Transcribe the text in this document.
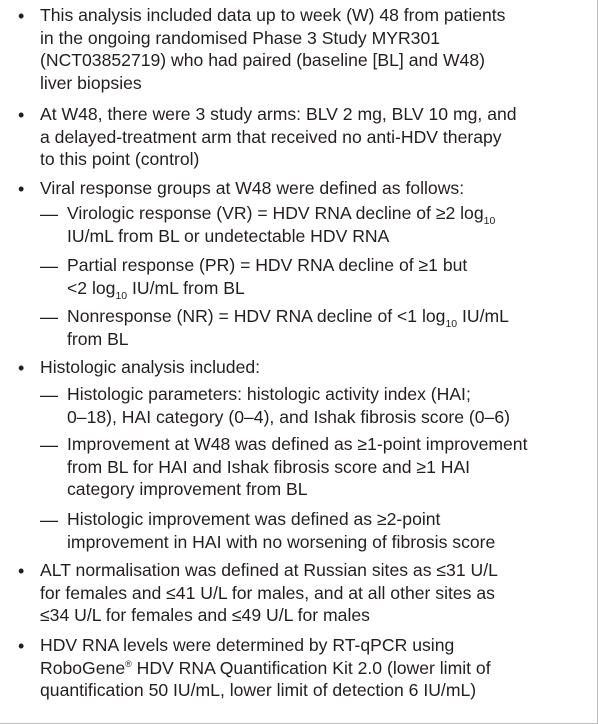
• This analysis included data up to week (W) 48 from patients
in the ongoing randomised Phase 3 Study MYR301
(NCT03852719) who had paired (baseline [BL] and W48)
liver biopsies
• At W48, there were 3 study arms: BLV 2 mg, BLV 10 mg, and
a delayed-treatment arm that received no anti-HDV therapy
to this point (control)
• Viral response groups at W48 were defined as follows:
— Virologic response (VR) = HDV RNA decline of ≥2 $\log_{10}$
IU/mL from BL or undetectable HDV RNA
— Partial response (PR) = HDV RNA decline of ≥1 but
<2 $\log_{10} IU/mL$ from BL
— Nonresponse (NR) = HDV RNA decline of <1 $\log_{10} IU/mL$
from BL
• Histologic analysis included:
— Histologic parameters: histologic activity index (HAI;
0–18), HAI category (0–4), and Ishak fibrosis score (0–6)
— Improvement at W48 was defined as ≥1-point improvement
from BL for HAI and Ishak fibrosis score and ≥1 HAI
category improvement from BL
— Histologic improvement was defined as ≥2-point
improvement in HAI with no worsening of fibrosis score
• ALT normalisation was defined at Russian sites as ≤31 U/L
for females and ≤41 U/L for males, and at all other sites as
≤34 U/L for females and ≤49 U/L for males
• HDV RNA levels were determined by RT-qPCR using
RoboGene® HDV RNA Quantification Kit 2.0 (lower limit of
quantification 50 IU/mL, lower limit of detection 6 IU/mL)
